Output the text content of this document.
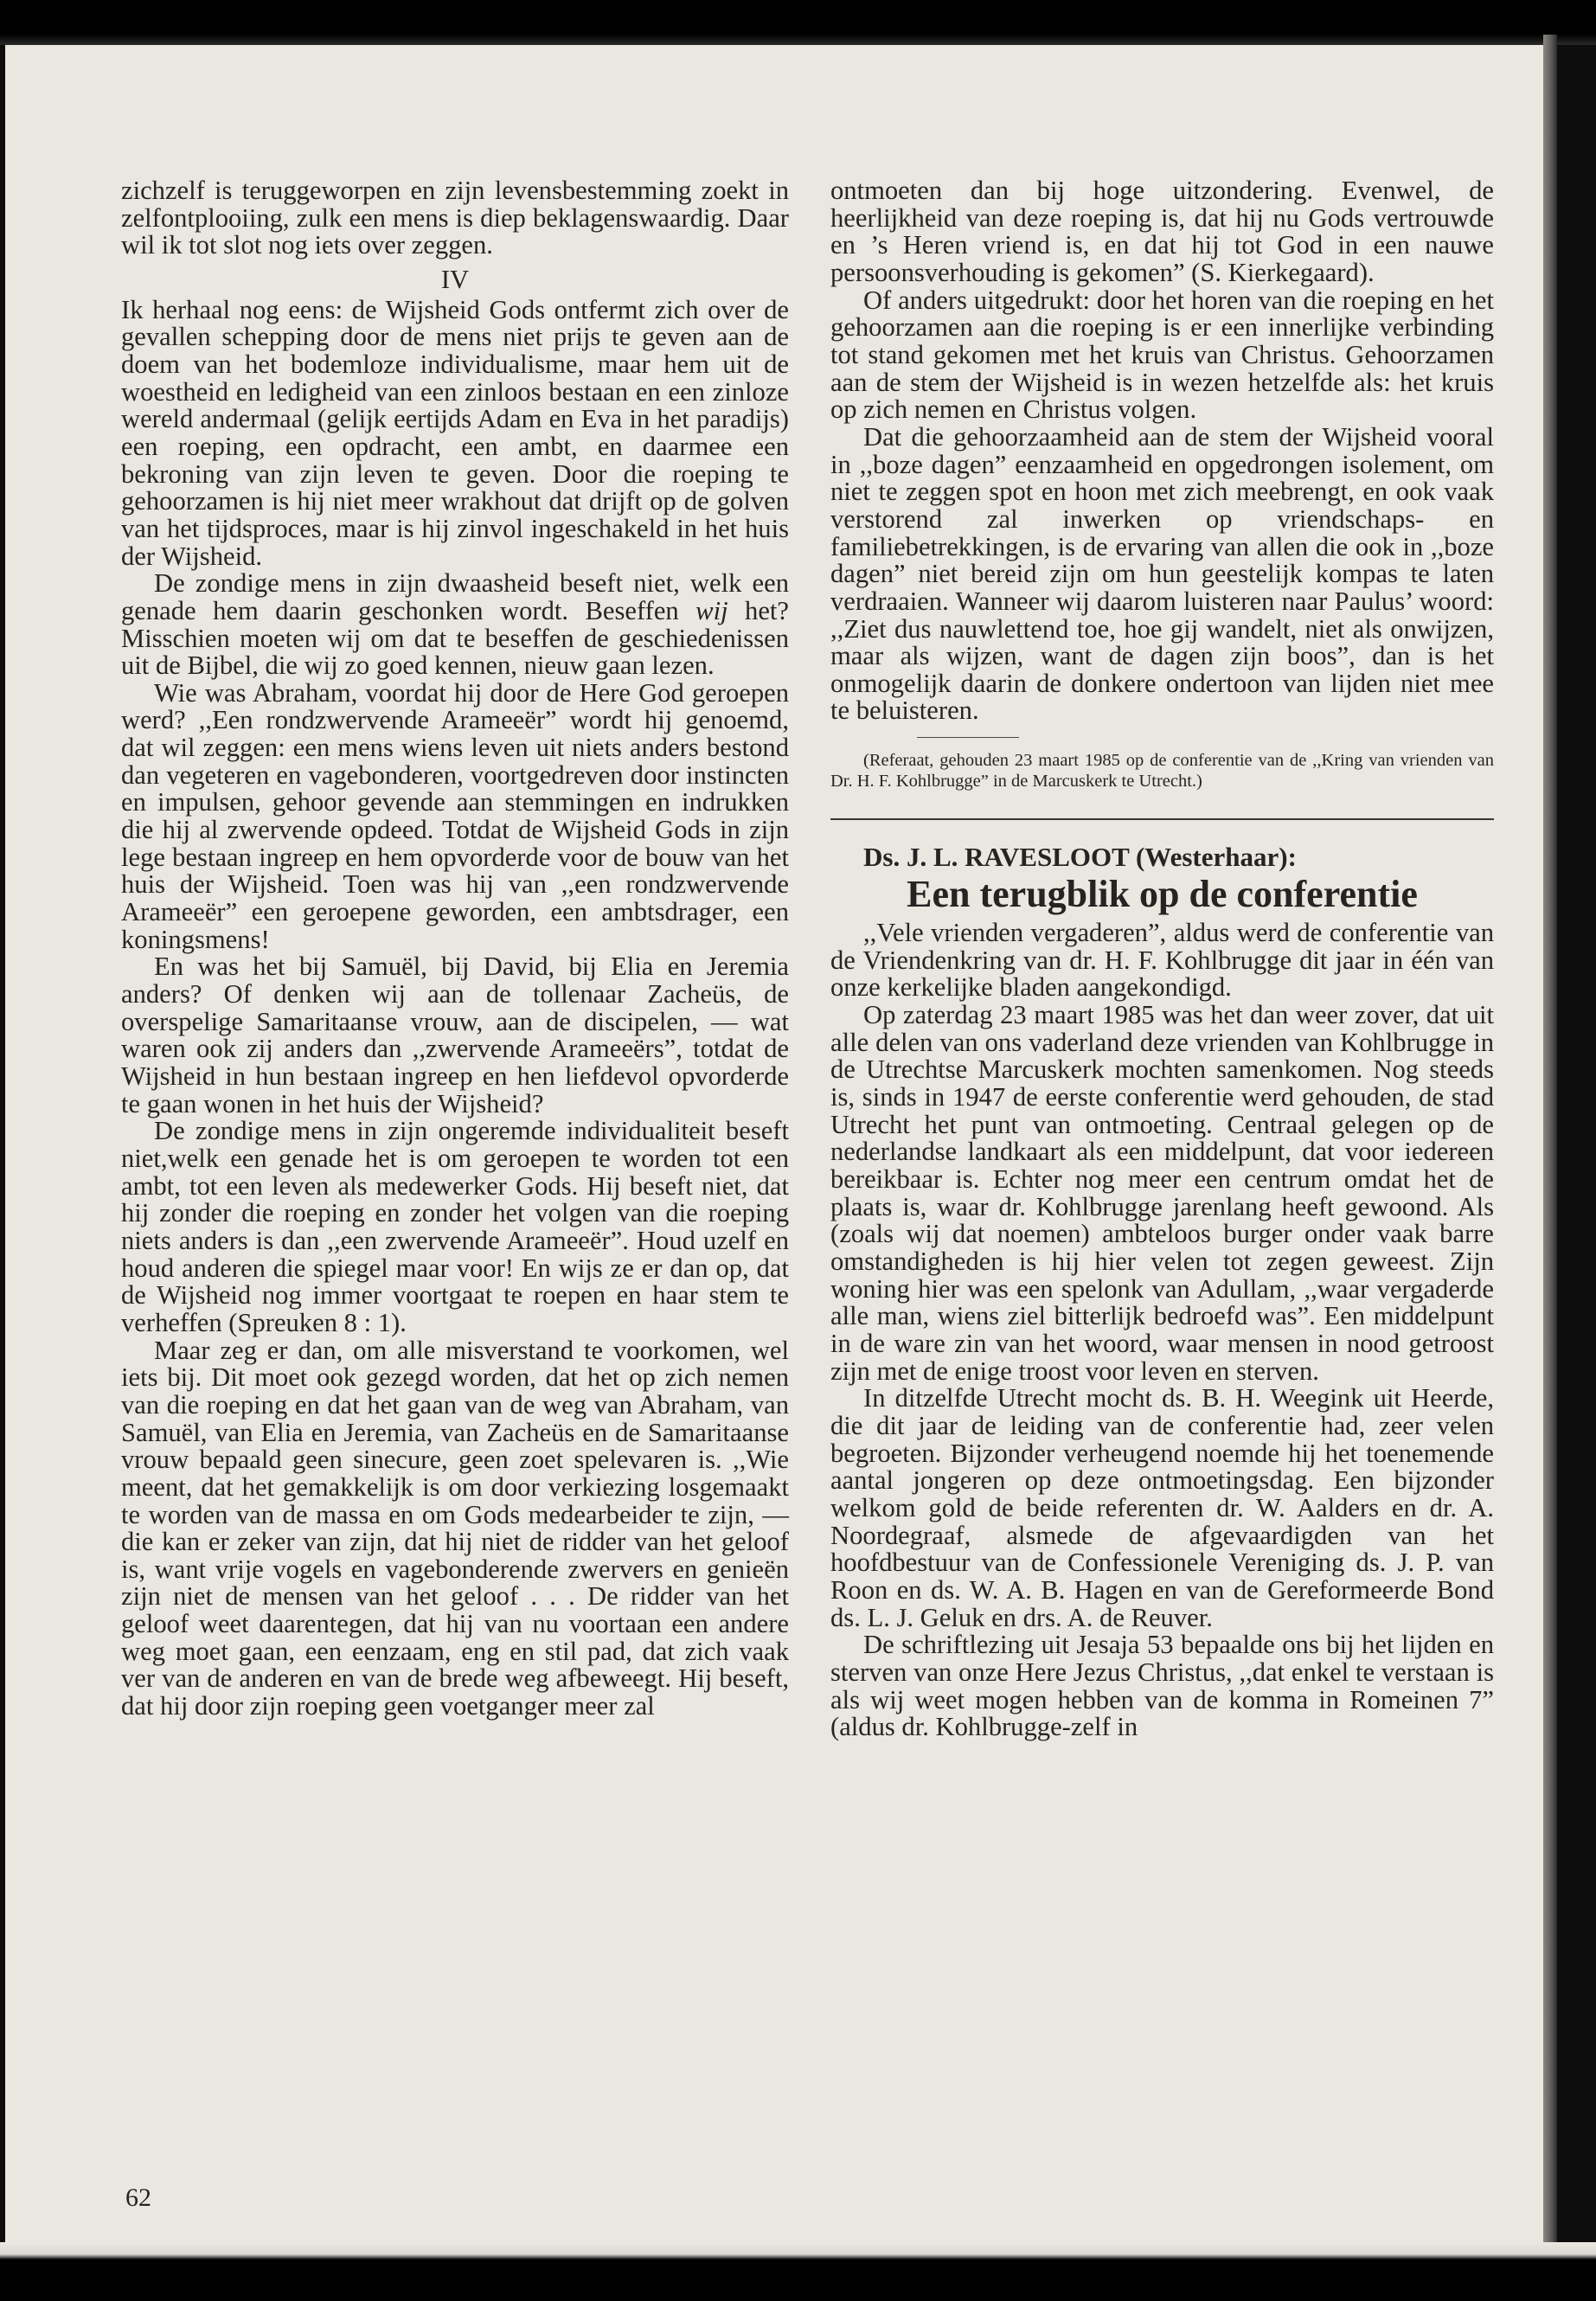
zichzelf is teruggeworpen en zijn levensbestemming zoekt in zelfontplooiing, zulk een mens is diep beklagenswaardig. Daar wil ik tot slot nog iets over zeggen.

IV

Ik herhaal nog eens: de Wijsheid Gods ontfermt zich over de gevallen schepping door de mens niet prijs te geven aan de doem van het bodemloze individualisme, maar hem uit de woestheid en ledigheid van een zinloos bestaan en een zinloze wereld andermaal (gelijk eertijds Adam en Eva in het paradijs) een roeping, een opdracht, een ambt, en daarmee een bekroning van zijn leven te geven. Door die roeping te gehoorzamen is hij niet meer wrakhout dat drijft op de golven van het tijdsproces, maar is hij zinvol ingeschakeld in het huis der Wijsheid.

De zondige mens in zijn dwaasheid beseft niet, welk een genade hem daarin geschonken wordt. Beseffen wij het? Misschien moeten wij om dat te beseffen de geschiedenissen uit de Bijbel, die wij zo goed kennen, nieuw gaan lezen.

Wie was Abraham, voordat hij door de Here God geroepen werd? ,,Een rondzwervende Arameeër” wordt hij genoemd, dat wil zeggen: een mens wiens leven uit niets anders bestond dan vegeteren en vagebonderen, voortgedreven door instincten en impulsen, gehoor gevende aan stemmingen en indrukken die hij al zwervende opdeed. Totdat de Wijsheid Gods in zijn lege bestaan ingreep en hem opvorderde voor de bouw van het huis der Wijsheid. Toen was hij van ,,een rondzwervende Arameeër” een geroepene geworden, een ambtsdrager, een koningsmens!

En was het bij Samuël, bij David, bij Elia en Jeremia anders? Of denken wij aan de tollenaar Zacheüs, de overspelige Samaritaanse vrouw, aan de discipelen, — wat waren ook zij anders dan ,,zwervende Arameeërs”, totdat de Wijsheid in hun bestaan ingreep en hen liefdevol opvorderde te gaan wonen in het huis der Wijsheid?

De zondige mens in zijn ongeremde individualiteit beseft niet,welk een genade het is om geroepen te worden tot een ambt, tot een leven als medewerker Gods. Hij beseft niet, dat hij zonder die roeping en zonder het volgen van die roeping niets anders is dan ,,een zwervende Arameeër”. Houd uzelf en houd anderen die spiegel maar voor! En wijs ze er dan op, dat de Wijsheid nog immer voortgaat te roepen en haar stem te verheffen (Spreuken 8 : 1).

Maar zeg er dan, om alle misverstand te voorkomen, wel iets bij. Dit moet ook gezegd worden, dat het op zich nemen van die roeping en dat het gaan van de weg van Abraham, van Samuël, van Elia en Jeremia, van Zacheüs en de Samaritaanse vrouw bepaald geen sinecure, geen zoet spelevaren is. ,,Wie meent, dat het gemakkelijk is om door verkiezing losgemaakt te worden van de massa en om Gods medearbeider te zijn, — die kan er zeker van zijn, dat hij niet de ridder van het geloof is, want vrije vogels en vagebonderende zwervers en genieën zijn niet de mensen van het geloof . . . De ridder van het geloof weet daarentegen, dat hij van nu voortaan een andere weg moet gaan, een eenzaam, eng en stil pad, dat zich vaak ver van de anderen en van de brede weg afbeweegt. Hij beseft, dat hij door zijn roeping geen voetganger meer zal

62

ontmoeten dan bij hoge uitzondering. Evenwel, de heerlijkheid van deze roeping is, dat hij nu Gods vertrouwde en ’s Heren vriend is, en dat hij tot God in een nauwe persoonsverhouding is gekomen” (S. Kierkegaard).

Of anders uitgedrukt: door het horen van die roeping en het gehoorzamen aan die roeping is er een innerlijke verbinding tot stand gekomen met het kruis van Christus. Gehoorzamen aan de stem der Wijsheid is in wezen hetzelfde als: het kruis op zich nemen en Christus volgen.

Dat die gehoorzaamheid aan de stem der Wijsheid vooral in ,,boze dagen” eenzaamheid en opgedrongen isolement, om niet te zeggen spot en hoon met zich meebrengt, en ook vaak verstorend zal inwerken op vriendschaps- en familiebetrekkingen, is de ervaring van allen die ook in ,,boze dagen” niet bereid zijn om hun geestelijk kompas te laten verdraaien. Wanneer wij daarom luisteren naar Paulus’ woord: ,,Ziet dus nauwlettend toe, hoe gij wandelt, niet als onwijzen, maar als wijzen, want de dagen zijn boos”, dan is het onmogelijk daarin de donkere ondertoon van lijden niet mee te beluisteren.

(Referaat, gehouden 23 maart 1985 op de conferentie van de ,,Kring van vrienden van Dr. H. F. Kohlbrugge” in de Marcuskerk te Utrecht.)

Ds. J. L. RAVESLOOT (Westerhaar):

Een terugblik op de conferentie

,,Vele vrienden vergaderen”, aldus werd de conferentie van de Vriendenkring van dr. H. F. Kohlbrugge dit jaar in één van onze kerkelijke bladen aangekondigd.

Op zaterdag 23 maart 1985 was het dan weer zover, dat uit alle delen van ons vaderland deze vrienden van Kohlbrugge in de Utrechtse Marcuskerk mochten samenkomen. Nog steeds is, sinds in 1947 de eerste conferentie werd gehouden, de stad Utrecht het punt van ontmoeting. Centraal gelegen op de nederlandse landkaart als een middelpunt, dat voor iedereen bereikbaar is. Echter nog meer een centrum omdat het de plaats is, waar dr. Kohlbrugge jarenlang heeft gewoond. Als (zoals wij dat noemen) ambteloos burger onder vaak barre omstandigheden is hij hier velen tot zegen geweest. Zijn woning hier was een spelonk van Adullam, ,,waar vergaderde alle man, wiens ziel bitterlijk bedroefd was”. Een middelpunt in de ware zin van het woord, waar mensen in nood getroost zijn met de enige troost voor leven en sterven.

In ditzelfde Utrecht mocht ds. B. H. Weegink uit Heerde, die dit jaar de leiding van de conferentie had, zeer velen begroeten. Bijzonder verheugend noemde hij het toenemende aantal jongeren op deze ontmoetingsdag. Een bijzonder welkom gold de beide referenten dr. W. Aalders en dr. A. Noordegraaf, alsmede de afgevaardigden van het hoofdbestuur van de Confessionele Vereniging ds. J. P. van Roon en ds. W. A. B. Hagen en van de Gereformeerde Bond ds. L. J. Geluk en drs. A. de Reuver.

De schriftlezing uit Jesaja 53 bepaalde ons bij het lijden en sterven van onze Here Jezus Christus, ,,dat enkel te verstaan is als wij weet mogen hebben van de komma in Romeinen 7” (aldus dr. Kohlbrugge-zelf in
